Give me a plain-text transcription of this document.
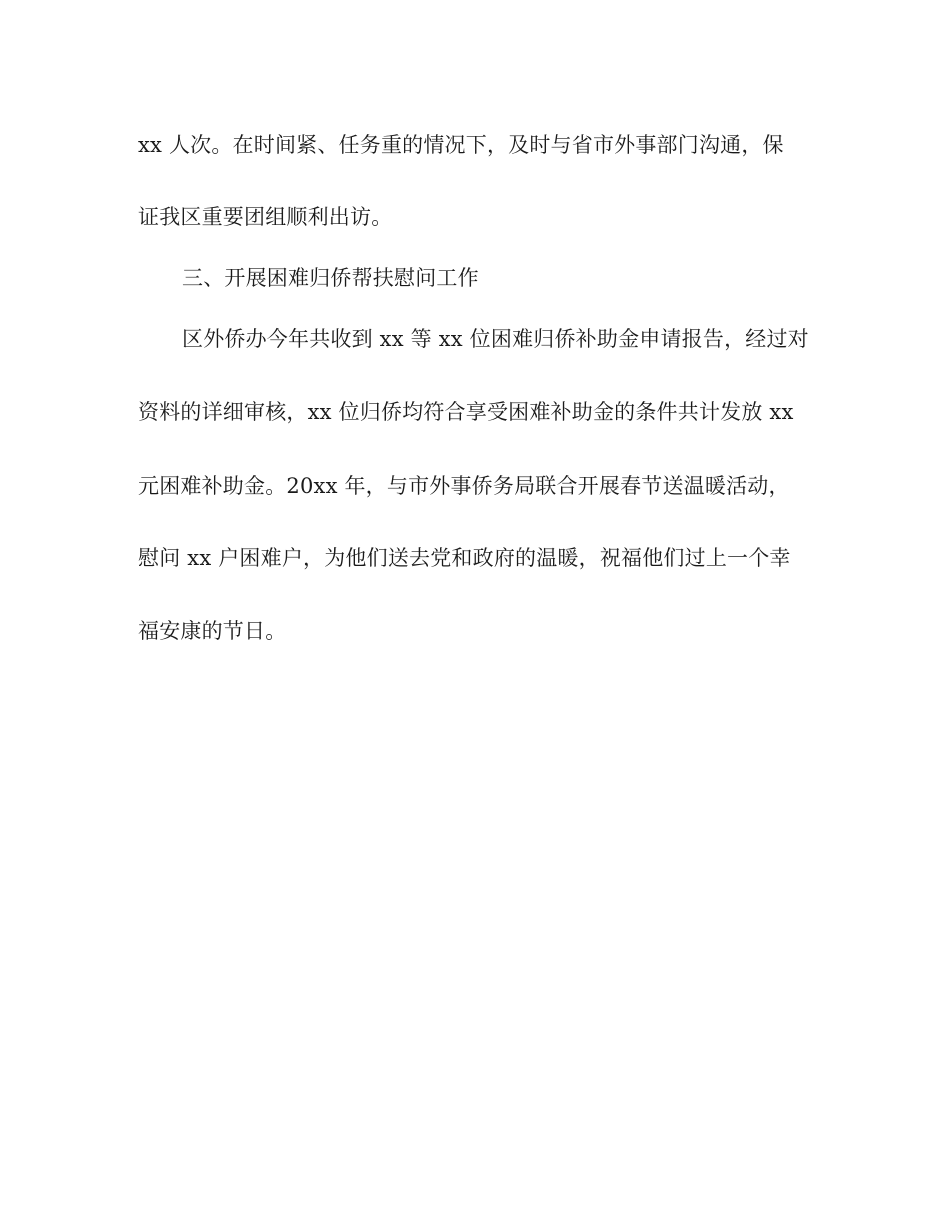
xx 人次。在时间紧、任务重的情况下，及时与省市外事部门沟通，保
证我区重要团组顺利出访。
三、开展困难归侨帮扶慰问工作
区外侨办今年共收到 xx 等 xx 位困难归侨补助金申请报告，经过对
资料的详细审核，xx 位归侨均符合享受困难补助金的条件共计发放 xx
元困难补助金。20xx 年，与市外事侨务局联合开展春节送温暖活动，
慰问 xx 户困难户，为他们送去党和政府的温暖，祝福他们过上一个幸
福安康的节日。
